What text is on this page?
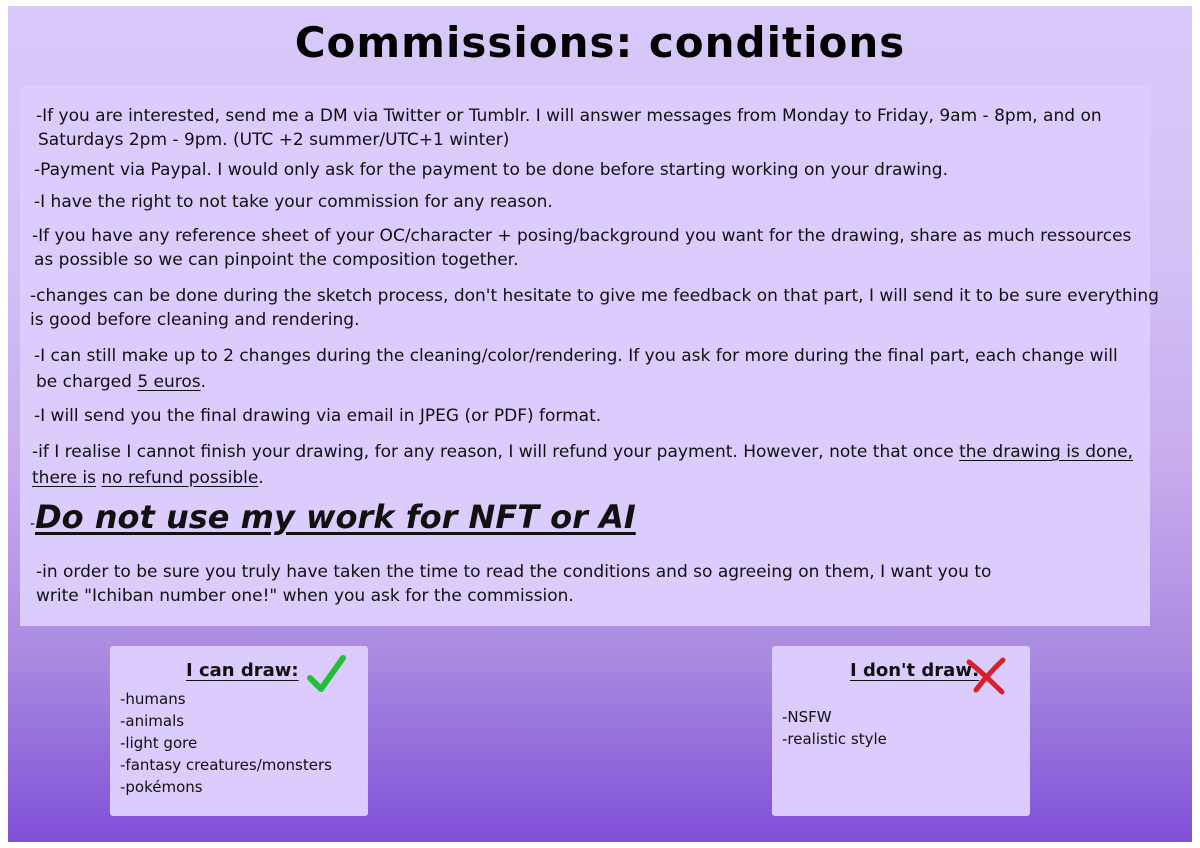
Commissions: conditions
-If you are interested, send me a DM via Twitter or Tumblr. I will answer messages from Monday to Friday, 9am - 8pm, and on
Saturdays 2pm - 9pm. (UTC +2 summer/UTC+1 winter)
-Payment via Paypal. I would only ask for the payment to be done before starting working on your drawing.
-I have the right to not take your commission for any reason.
-If you have any reference sheet of your OC/character + posing/background you want for the drawing, share as much ressources
as possible so we can pinpoint the composition together.
-changes can be done during the sketch process, don't hesitate to give me feedback on that part, I will send it to be sure everything
is good before cleaning and rendering.
-I can still make up to 2 changes during the cleaning/color/rendering. If you ask for more during the final part, each change will
be charged 5 euros.
-I will send you the final drawing via email in JPEG (or PDF) format.
-if I realise I cannot finish your drawing, for any reason, I will refund your payment. However, note that once the drawing is done,
there is no refund possible.
-Do not use my work for NFT or AI
-in order to be sure you truly have taken the time to read the conditions and so agreeing on them, I want you to
write "Ichiban number one!" when you ask for the commission.
I can draw:
-humans
-animals
-light gore
-fantasy creatures/monsters
-pokémons
I don't draw:
-NSFW
-realistic style
